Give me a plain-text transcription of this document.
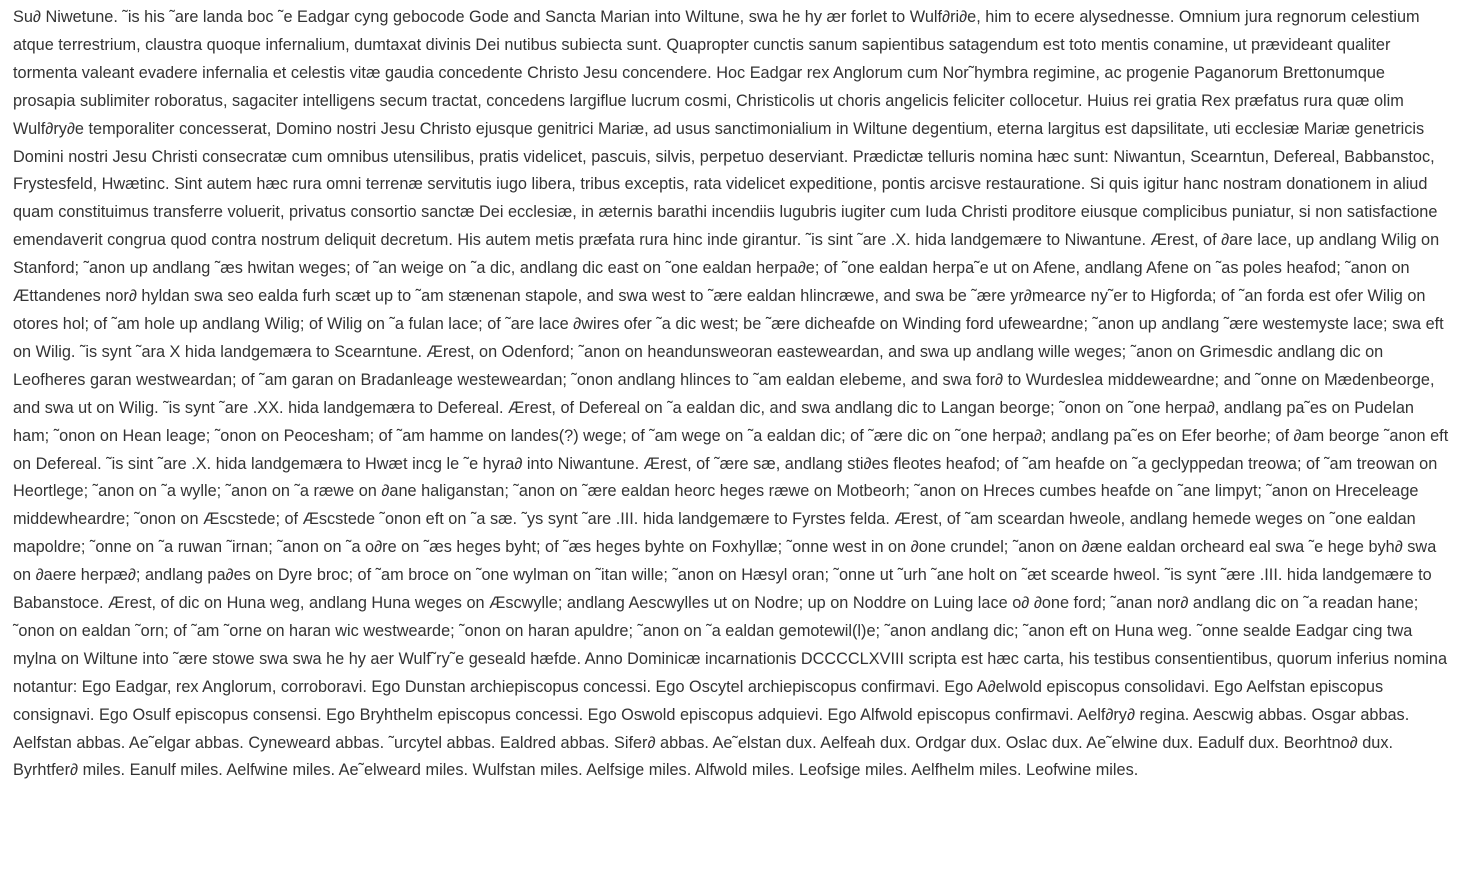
Su∂ Niwetune. ˜is his ˜are landa boc ˜e Eadgar cyng gebocode Gode and Sancta Marian into Wiltune, swa he hy ær forlet to Wulf∂ri∂e, him to ecere alysednesse. Omnium jura regnorum celestium atque terrestrium, claustra quoque infernalium, dumtaxat divinis Dei nutibus subiecta sunt. Quapropter cunctis sanum sapientibus satagendum est toto mentis conamine, ut prævideant qualiter tormenta valeant evadere infernalia et celestis vitæ gaudia concedente Christo Jesu concendere. Hoc Eadgar rex Anglorum cum Nor˜hymbra regimine, ac progenie Paganorum Brettonumque prosapia sublimiter roboratus, sagaciter intelligens secum tractat, concedens largiflue lucrum cosmi, Christicolis ut choris angelicis feliciter collocetur. Huius rei gratia Rex præfatus rura quæ olim Wulf∂ry∂e temporaliter concesserat, Domino nostri Jesu Christo ejusque genitrici Mariæ, ad usus sanctimonialium in Wiltune degentium, eterna largitus est dapsilitate, uti ecclesiæ Mariæ genetricis Domini nostri Jesu Christi consecratæ cum omnibus utensilibus, pratis videlicet, pascuis, silvis, perpetuo deserviant. Prædictæ telluris nomina hæc sunt: Niwantun, Scearntun, Defereal, Babbanstoc, Frystesfeld, Hwætinc. Sint autem hæc rura omni terrenæ servitutis iugo libera, tribus exceptis, rata videlicet expeditione, pontis arcisve restauratione. Si quis igitur hanc nostram donationem in aliud quam constituimus transferre voluerit, privatus consortio sanctæ Dei ecclesiæ, in æternis barathi incendiis lugubris iugiter cum Iuda Christi proditore eiusque complicibus puniatur, si non satisfactione emendaverit congrua quod contra nostrum deliquit decretum. His autem metis præfata rura hinc inde girantur. ˜is sint ˜are .X. hida landgemære to Niwantune. Ærest, of ∂are lace, up andlang Wilig on Stanford; ˜anon up andlang ˜æs hwitan weges; of ˜an weige on ˜a dic, andlang dic east on ˜one ealdan herpa∂e; of ˜one ealdan herpa˜e ut on Afene, andlang Afene on ˜as poles heafod; ˜anon on Ættandenes nor∂ hyldan swa seo ealda furh scæt up to ˜am stænenan stapole, and swa west to ˜ære ealdan hlincræwe, and swa be ˜ære yr∂mearce ny˜er to Higforda; of ˜an forda est ofer Wilig on otores hol; of ˜am hole up andlang Wilig; of Wilig on ˜a fulan lace; of ˜are lace ∂wires ofer ˜a dic west; be ˜ære dicheafde on Winding ford ufeweardne; ˜anon up andlang ˜ære westemyste lace; swa eft on Wilig. ˜is synt ˜ara X hida landgemæra to Scearntune. Ærest, on Odenford; ˜anon on heandunsweoran easteweardan, and swa up andlang wille weges; ˜anon on Grimesdic andlang dic on Leofheres garan westweardan; of ˜am garan on Bradanleage westeweardan; ˜onon andlang hlinces to ˜am ealdan elebeme, and swa for∂ to Wurdeslea middeweardne; and ˜onne on Mædenbeorge, and swa ut on Wilig. ˜is synt ˜are .XX. hida landgemæra to Defereal. Ærest, of Defereal on ˜a ealdan dic, and swa andlang dic to Langan beorge; ˜onon on ˜one herpa∂, andlang pa˜es on Pudelan ham; ˜onon on Hean leage; ˜onon on Peocesham; of ˜am hamme on landes(?) wege; of ˜am wege on ˜a ealdan dic; of ˜ære dic on ˜one herpa∂; andlang pa˜es on Efer beorhe; of ∂am beorge ˜anon eft on Defereal. ˜is sint ˜are .X. hida landgemæra to Hwæt incg le ˜e hyra∂ into Niwantune. Ærest, of ˜ære sæ, andlang sti∂es fleotes heafod; of ˜am heafde on ˜a geclyppedan treowa; of ˜am treowan on Heortlege; ˜anon on ˜a wylle; ˜anon on ˜a ræwe on ∂ane haliganstan; ˜anon on ˜ære ealdan heorc heges ræwe on Motbeorh; ˜anon on Hreces cumbes heafde on ˜ane limpyt; ˜anon on Hreceleage middewheardre; ˜onon on Æscstede; of Æscstede ˜onon eft on ˜a sæ. ˜ys synt ˜are .III. hida landgemære to Fyrstes felda. Ærest, of ˜am sceardan hweole, andlang hemede weges on ˜one ealdan mapoldre; ˜onne on ˜a ruwan ˜irnan; ˜anon on ˜a o∂re on ˜æs heges byht; of ˜æs heges byhte on Foxhyllæ; ˜onne west in on ∂one crundel; ˜anon on ∂æne ealdan orcheard eal swa ˜e hege byh∂ swa on ∂aere herpæ∂; andlang pa∂es on Dyre broc; of ˜am broce on ˜one wylman on ˜itan wille; ˜anon on Hæsyl oran; ˜onne ut ˜urh ˜ane holt on ˜æt scearde hweol. ˜is synt ˜ære .III. hida landgemære to Babanstoce. Ærest, of dic on Huna weg, andlang Huna weges on Æscwylle; andlang Aescwylles ut on Nodre; up on Noddre on Luing lace o∂ ∂one ford; ˜anan nor∂ andlang dic on ˜a readan hane; ˜onon on ealdan ˜orn; of ˜am ˜orne on haran wic westwearde; ˜onon on haran apuldre; ˜anon on ˜a ealdan gemotewil(l)e; ˜anon andlang dic; ˜anon eft on Huna weg. ˜onne sealde Eadgar cing twa mylna on Wiltune into ˜ære stowe swa swa he hy aer Wulf˜ry˜e geseald hæfde. Anno Dominicæ incarnationis DCCCCLXVIII scripta est hæc carta, his testibus consentientibus, quorum inferius nomina notantur: Ego Eadgar, rex Anglorum, corroboravi. Ego Dunstan archiepiscopus concessi. Ego Oscytel archiepiscopus confirmavi. Ego A∂elwold episcopus consolidavi. Ego Aelfstan episcopus consignavi. Ego Osulf episcopus consensi. Ego Bryhthelm episcopus concessi. Ego Oswold episcopus adquievi. Ego Alfwold episcopus confirmavi. Aelf∂ry∂ regina. Aescwig abbas. Osgar abbas. Aelfstan abbas. Ae˜elgar abbas. Cyneweard abbas. ˜urcytel abbas. Ealdred abbas. Sifer∂ abbas. Ae˜elstan dux. Aelfeah dux. Ordgar dux. Oslac dux. Ae˜elwine dux. Eadulf dux. Beorhtno∂ dux. Byrhtfer∂ miles. Eanulf miles. Aelfwine miles. Ae˜elweard miles. Wulfstan miles. Aelfsige miles. Alfwold miles. Leofsige miles. Aelfhelm miles. Leofwine miles.
